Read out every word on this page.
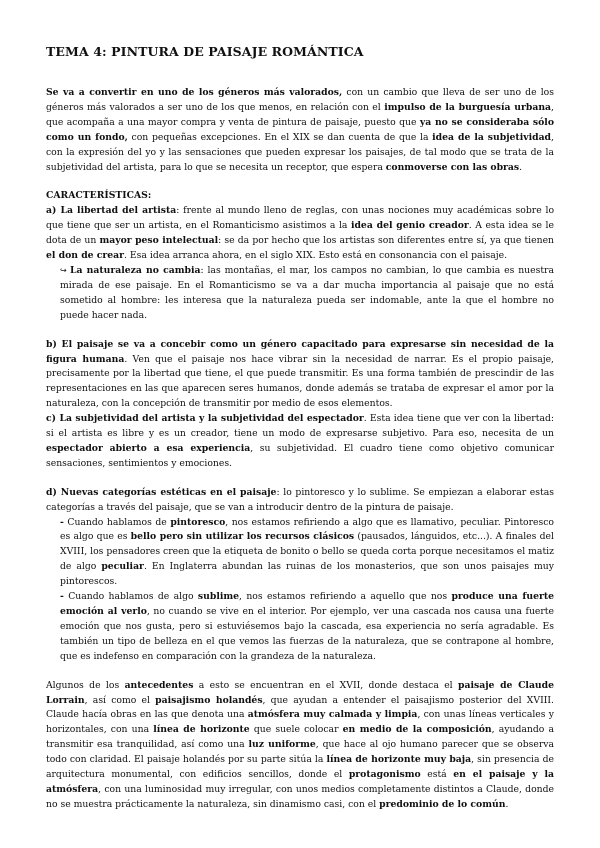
TEMA 4: PINTURA DE PAISAJE ROMÁNTICA

Se va a convertir en uno de los géneros más valorados, con un cambio que lleva de ser uno de los géneros más valorados a ser uno de los que menos, en relación con el impulso de la burguesía urbana, que acompaña a una mayor compra y venta de pintura de paisaje, puesto que ya no se consideraba sólo como un fondo, con pequeñas excepciones. En el XIX se dan cuenta de que la idea de la subjetividad, con la expresión del yo y las sensaciones que pueden expresar los paisajes, de tal modo que se trata de la subjetividad del artista, para lo que se necesita un receptor, que espera conmoverse con las obras.

CARACTERÍSTICAS:

a) La libertad del artista: frente al mundo lleno de reglas, con unas nociones muy académicas sobre lo que tiene que ser un artista, en el Romanticismo asistimos a la idea del genio creador. A esta idea se le dota de un mayor peso intelectual: se da por hecho que los artistas son diferentes entre sí, ya que tienen el don de crear. Esa idea arranca ahora, en el siglo XIX. Esto está en consonancia con el paisaje.

↪ La naturaleza no cambia: las montañas, el mar, los campos no cambian, lo que cambia es nuestra mirada de ese paisaje. En el Romanticismo se va a dar mucha importancia al paisaje que no está sometido al hombre: les interesa que la naturaleza pueda ser indomable, ante la que el hombre no puede hacer nada.

b) El paisaje se va a concebir como un género capacitado para expresarse sin necesidad de la figura humana. Ven que el paisaje nos hace vibrar sin la necesidad de narrar. Es el propio paisaje, precisamente por la libertad que tiene, el que puede transmitir. Es una forma también de prescindir de las representaciones en las que aparecen seres humanos, donde además se trataba de expresar el amor por la naturaleza, con la concepción de transmitir por medio de esos elementos.

c) La subjetividad del artista y la subjetividad del espectador. Esta idea tiene que ver con la libertad: si el artista es libre y es un creador, tiene un modo de expresarse subjetivo. Para eso, necesita de un espectador abierto a esa experiencia, su subjetividad. El cuadro tiene como objetivo comunicar sensaciones, sentimientos y emociones.

d) Nuevas categorías estéticas en el paisaje: lo pintoresco y lo sublime. Se empiezan a elaborar estas categorías a través del paisaje, que se van a introducir dentro de la pintura de paisaje.

- Cuando hablamos de pintoresco, nos estamos refiriendo a algo que es llamativo, peculiar. Pintoresco es algo que es bello pero sin utilizar los recursos clásicos (pausados, lánguidos, etc...). A finales del XVIII, los pensadores creen que la etiqueta de bonito o bello se queda corta porque necesitamos el matiz de algo peculiar. En Inglaterra abundan las ruinas de los monasterios, que son unos paisajes muy pintorescos.

- Cuando hablamos de algo sublime, nos estamos refiriendo a aquello que nos produce una fuerte emoción al verlo, no cuando se vive en el interior. Por ejemplo, ver una cascada nos causa una fuerte emoción que nos gusta, pero si estuviésemos bajo la cascada, esa experiencia no sería agradable. Es también un tipo de belleza en el que vemos las fuerzas de la naturaleza, que se contrapone al hombre, que es indefenso en comparación con la grandeza de la naturaleza.

Algunos de los antecedentes a esto se encuentran en el XVII, donde destaca el paisaje de Claude Lorrain, así como el paisajismo holandés, que ayudan a entender el paisajismo posterior del XVIII. Claude hacía obras en las que denota una atmósfera muy calmada y limpia, con unas líneas verticales y horizontales, con una línea de horizonte que suele colocar en medio de la composición, ayudando a transmitir esa tranquilidad, así como una luz uniforme, que hace al ojo humano parecer que se observa todo con claridad. El paisaje holandés por su parte sitúa la línea de horizonte muy baja, sin presencia de arquitectura monumental, con edificios sencillos, donde el protagonismo está en el paisaje y la atmósfera, con una luminosidad muy irregular, con unos medios completamente distintos a Claude, donde no se muestra prácticamente la naturaleza, sin dinamismo casi, con el predominio de lo común.
